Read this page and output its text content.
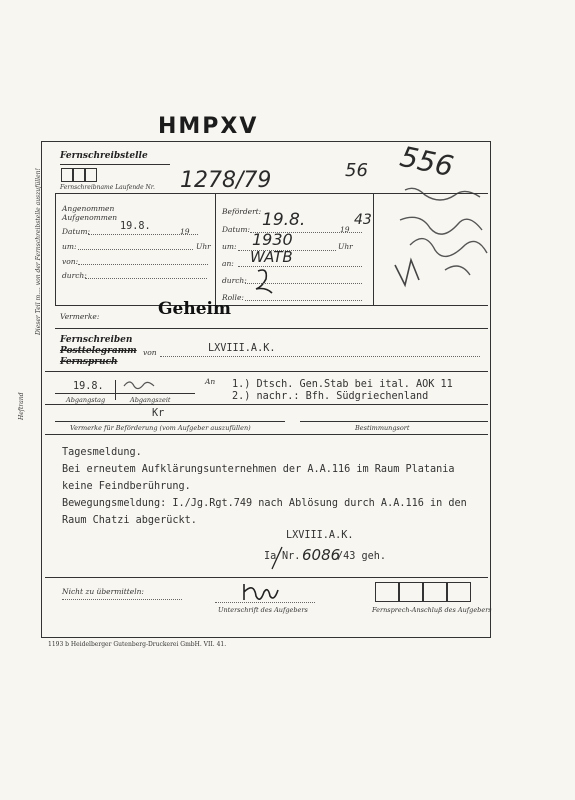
HMPXV
56 556
Heftrand
Dieser Teil m.... von der Fernschreibstelle auszufüllen!
Fernschreibstelle
Fernschreibname Laufende Nr. 1278/79
Angenommen
Aufgenommen
Datum:	19.8.	19
um:	Uhr
von:
durch:
Befördert:
Datum: 19.8.	19
43
um: 1930	Uhr
an: WATB
durch:
Rolle:
Vermerke:	Geheim
Fernschreiben
Posttelegramm
Fernspruch
von	LXVIII.A.K.
19.8.
Abgangstag	Abgangszeit
An 1.) Dtsch. Gen.Stab bei ital. AOK 11
2.) nachr.: Bfh. Südgriechenland
Kr
Vermerke für Beförderung (vom Aufgeber auszufüllen)	Bestimmungsort
Tagesmeldung.
Bei erneutem Aufklärungsunternehmen der A.A.116 im Raum Platania
keine Feindberührung.
Bewegungsmeldung: I./Jg.Rgt.749 nach Ablösung durch A.A.116 in den
Raum Chatzi abgerückt.
LXVIII.A.K.
Ia Nr. 6086
/43 geh.
Nicht zu übermitteln:
Unterschrift des Aufgebers	Fernsprech-Anschluß des Aufgebers
1193 b Heidelberger Gutenberg-Druckerei GmbH. VII. 41.
